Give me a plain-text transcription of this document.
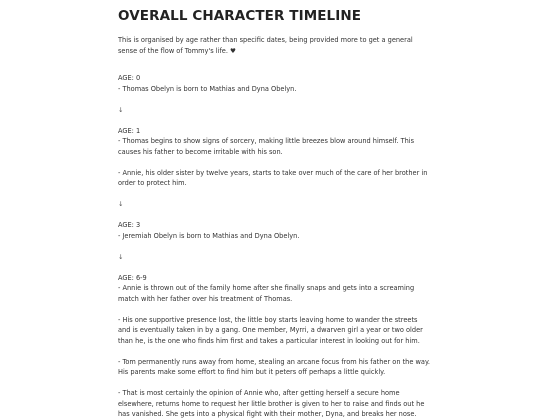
OVERALL CHARACTER TIMELINE

This is organised by age rather than specific dates, being provided more to get a general sense of the flow of Tommy's life. ♥

AGE: 0
- Thomas Obelyn is born to Mathias and Dyna Obelyn.
↓
AGE: 1
- Thomas begins to show signs of sorcery, making little breezes blow around himself. This causes his father to become irritable with his son.
- Annie, his older sister by twelve years, starts to take over much of the care of her brother in order to protect him.
↓
AGE: 3
- Jeremiah Obelyn is born to Mathias and Dyna Obelyn.
↓
AGE: 6-9
- Annie is thrown out of the family home after she finally snaps and gets into a screaming match with her father over his treatment of Thomas.
- His one supportive presence lost, the little boy starts leaving home to wander the streets and is eventually taken in by a gang. One member, Myrri, a dwarven girl a year or two older than he, is the one who finds him first and takes a particular interest in looking out for him.
- Tom permanently runs away from home, stealing an arcane focus from his father on the way. His parents make some effort to find him but it peters off perhaps a little quickly.
- That is most certainly the opinion of Annie who, after getting herself a secure home elsewhere, returns home to request her little brother is given to her to raise and finds out he has vanished. She gets into a physical fight with their mother, Dyna, and breaks her nose.
